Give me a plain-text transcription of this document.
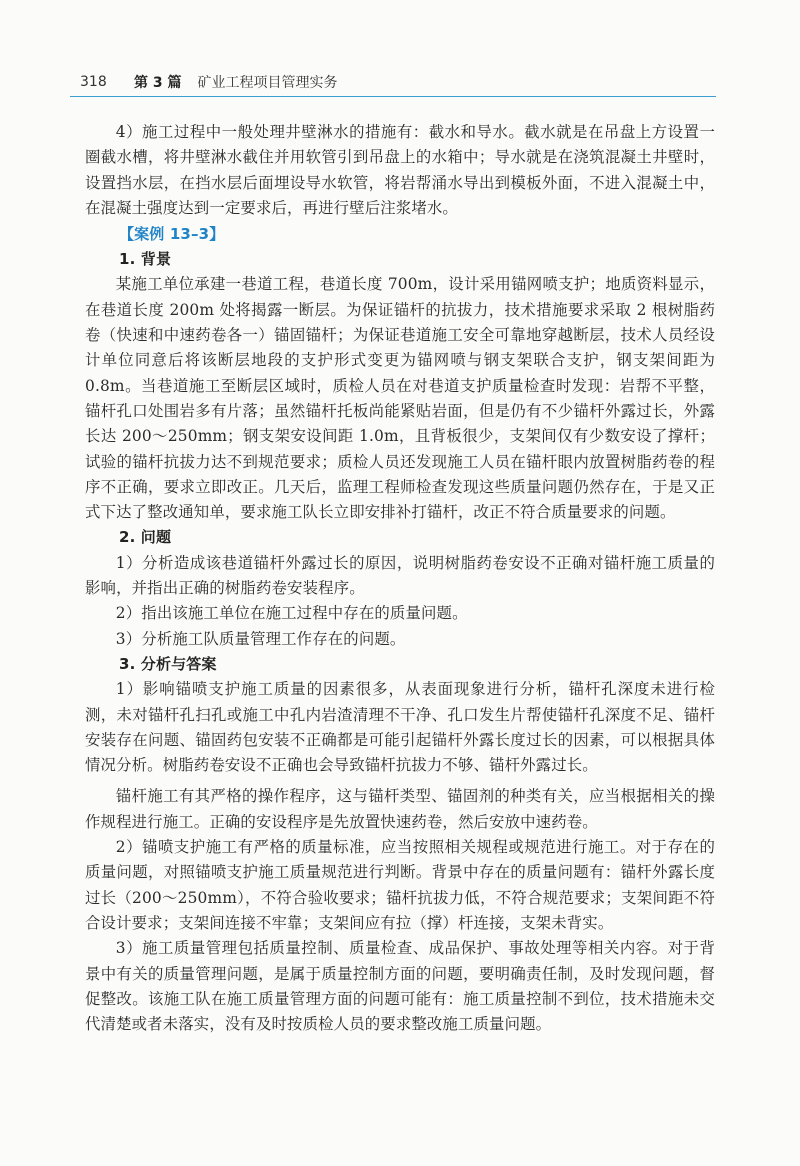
318	第 3 篇 矿业工程项目管理实务

4）施工过程中一般处理井壁淋水的措施有：截水和导水。截水就是在吊盘上方设置一圈截水槽，将井壁淋水截住并用软管引到吊盘上的水箱中；导水就是在浇筑混凝土井壁时，设置挡水层，在挡水层后面埋设导水软管，将岩帮涌水导出到模板外面，不进入混凝土中，在混凝土强度达到一定要求后，再进行壁后注浆堵水。

【案例 13–3】
1. 背景

某施工单位承建一巷道工程，巷道长度 700m，设计采用锚网喷支护；地质资料显示，在巷道长度 200m 处将揭露一断层。为保证锚杆的抗拔力，技术措施要求采取 2 根树脂药卷（快速和中速药卷各一）锚固锚杆；为保证巷道施工安全可靠地穿越断层，技术人员经设计单位同意后将该断层地段的支护形式变更为锚网喷与钢支架联合支护，钢支架间距为 0.8m。当巷道施工至断层区域时，质检人员在对巷道支护质量检查时发现：岩帮不平整，锚杆孔口处围岩多有片落；虽然锚杆托板尚能紧贴岩面，但是仍有不少锚杆外露过长，外露长达 200～250mm；钢支架安设间距 1.0m，且背板很少，支架间仅有少数安设了撑杆；试验的锚杆抗拔力达不到规范要求；质检人员还发现施工人员在锚杆眼内放置树脂药卷的程序不正确，要求立即改正。几天后，监理工程师检查发现这些质量问题仍然存在，于是又正式下达了整改通知单，要求施工队长立即安排补打锚杆，改正不符合质量要求的问题。

2. 问题

1）分析造成该巷道锚杆外露过长的原因，说明树脂药卷安设不正确对锚杆施工质量的影响，并指出正确的树脂药卷安装程序。

2）指出该施工单位在施工过程中存在的质量问题。

3）分析施工队质量管理工作存在的问题。

3. 分析与答案

1）影响锚喷支护施工质量的因素很多，从表面现象进行分析，锚杆孔深度未进行检测，未对锚杆孔扫孔或施工中孔内岩渣清理不干净、孔口发生片帮使锚杆孔深度不足、锚杆安装存在问题、锚固药包安装不正确都是可能引起锚杆外露长度过长的因素，可以根据具体情况分析。树脂药卷安设不正确也会导致锚杆抗拔力不够、锚杆外露过长。

锚杆施工有其严格的操作程序，这与锚杆类型、锚固剂的种类有关，应当根据相关的操作规程进行施工。正确的安设程序是先放置快速药卷，然后安放中速药卷。

2）锚喷支护施工有严格的质量标准，应当按照相关规程或规范进行施工。对于存在的质量问题，对照锚喷支护施工质量规范进行判断。背景中存在的质量问题有：锚杆外露长度过长（200～250mm），不符合验收要求；锚杆抗拔力低，不符合规范要求；支架间距不符合设计要求；支架间连接不牢靠；支架间应有拉（撑）杆连接，支架未背实。

3）施工质量管理包括质量控制、质量检查、成品保护、事故处理等相关内容。对于背景中有关的质量管理问题，是属于质量控制方面的问题，要明确责任制，及时发现问题，督促整改。该施工队在施工质量管理方面的问题可能有：施工质量控制不到位，技术措施未交代清楚或者未落实，没有及时按质检人员的要求整改施工质量问题。
